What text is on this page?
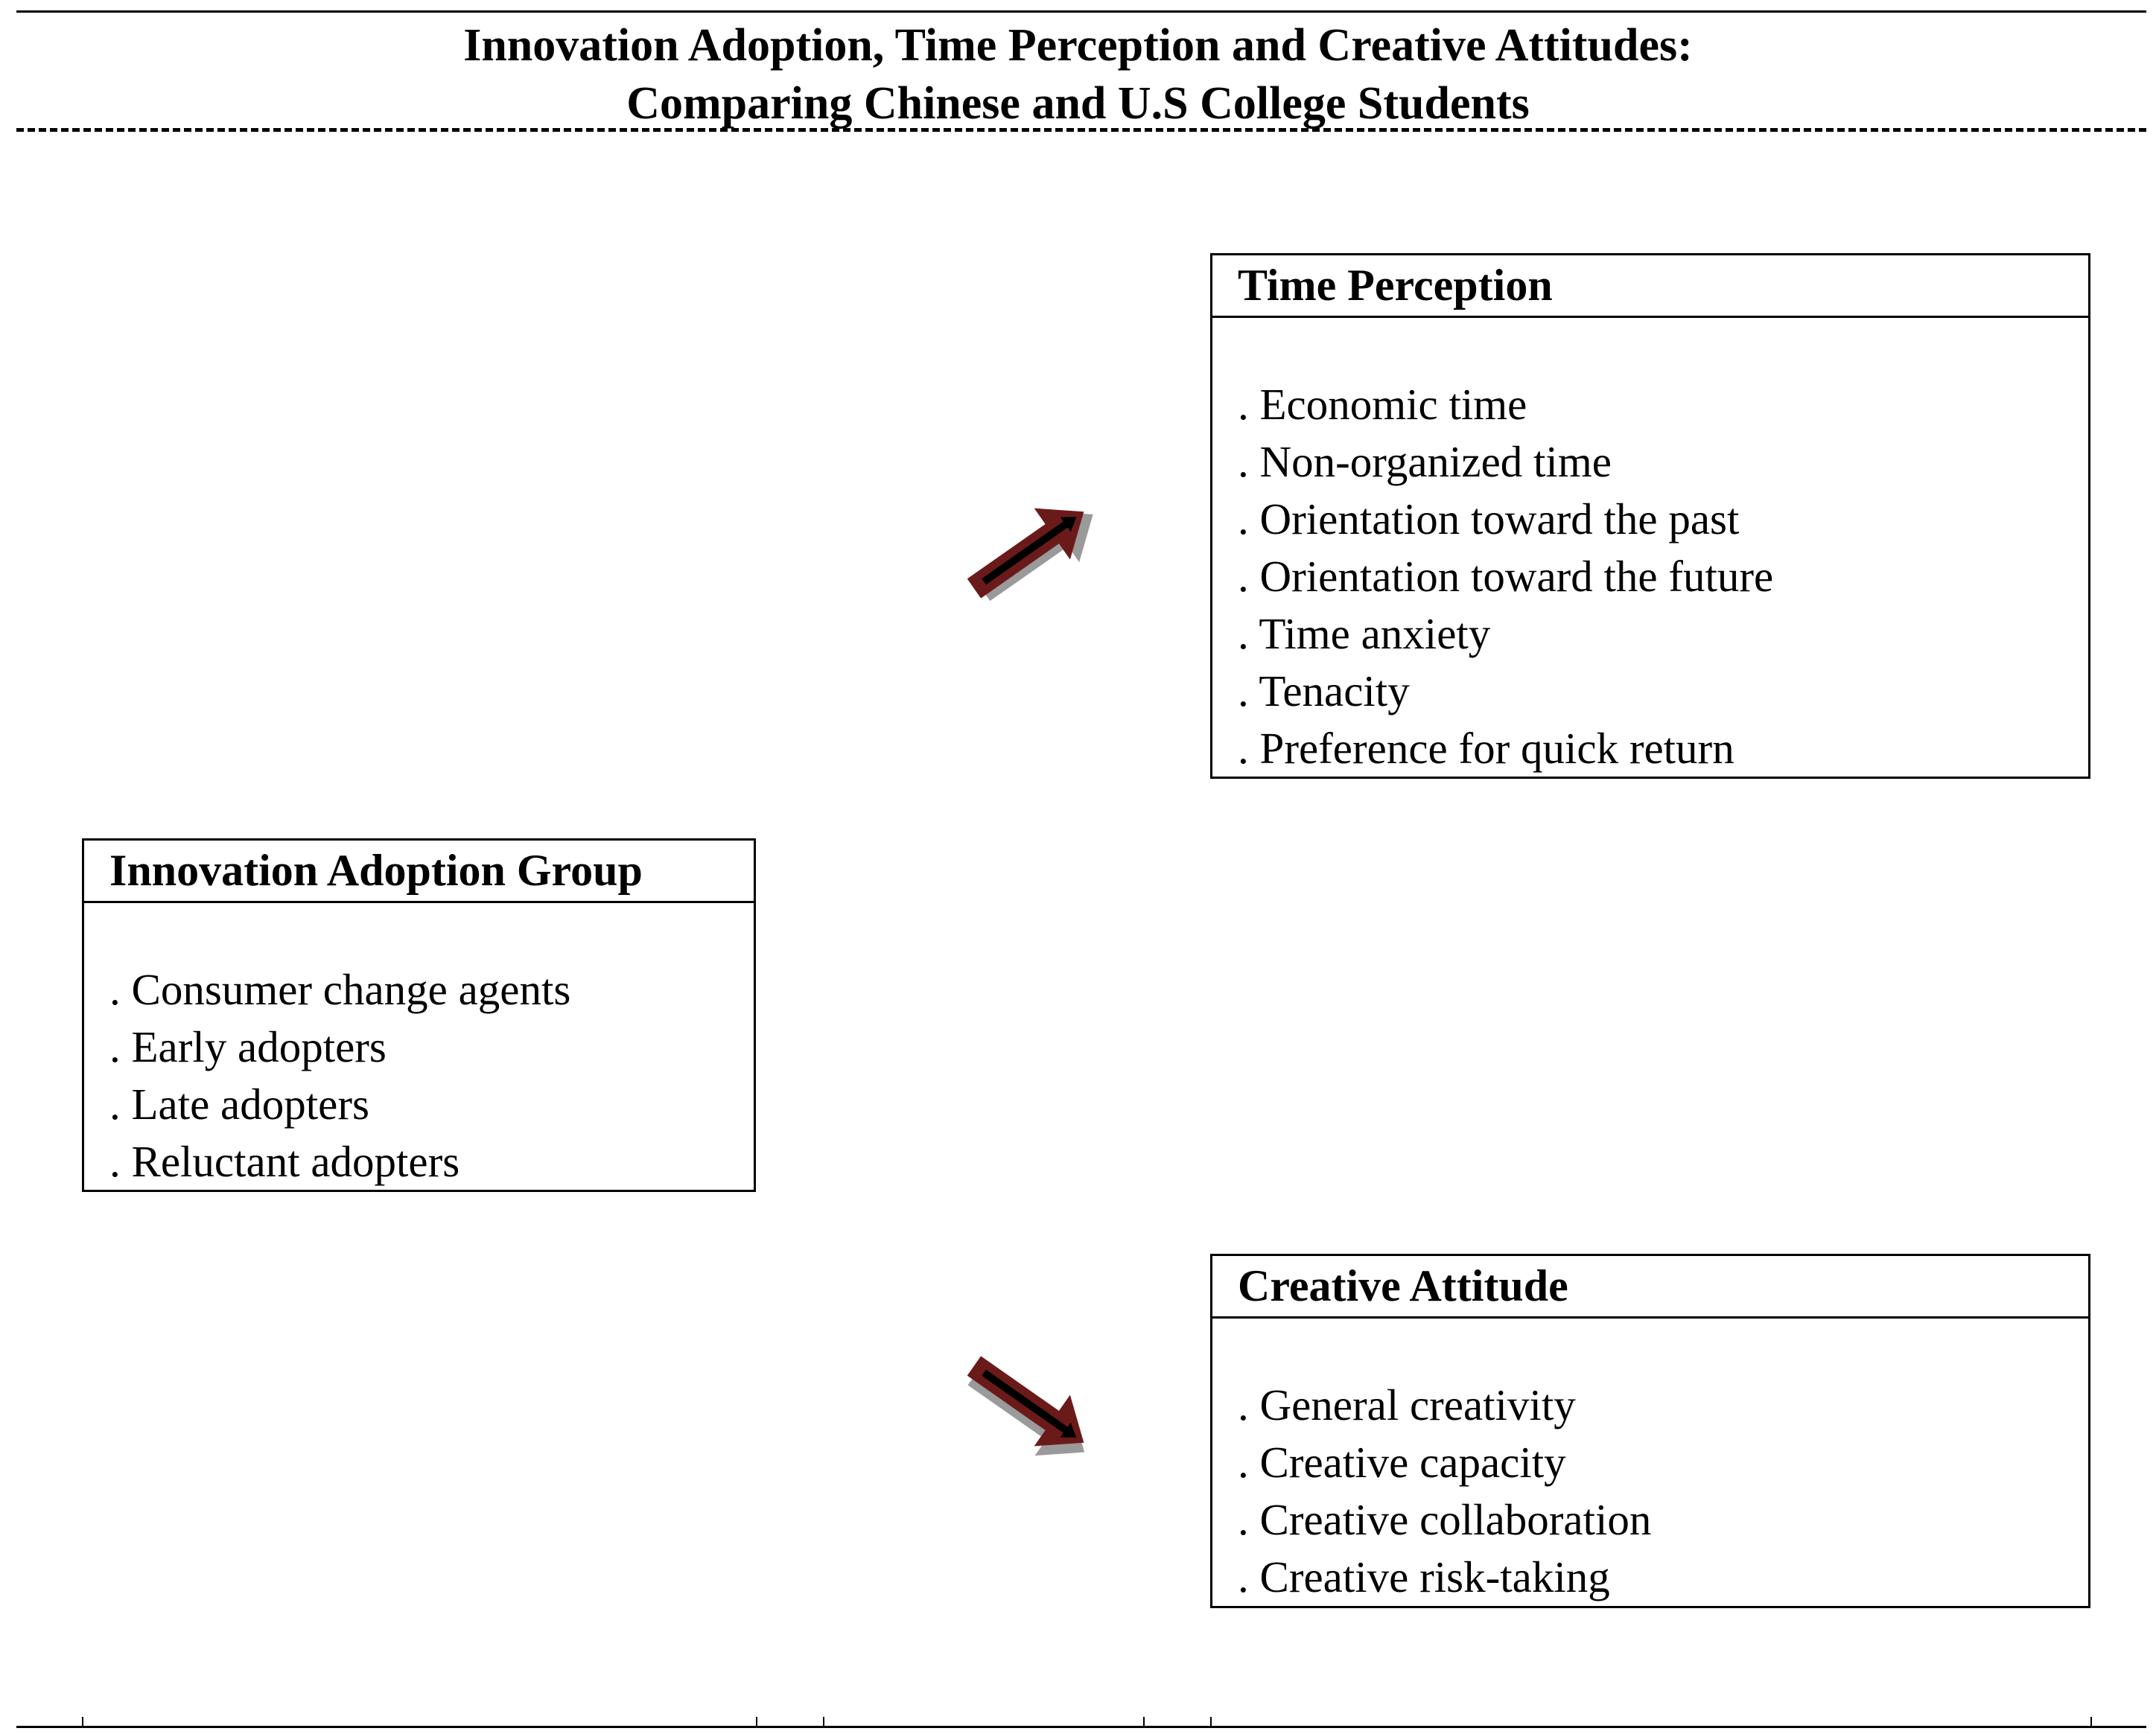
Innovation Adoption, Time Perception and Creative Attitudes:
Comparing Chinese and U.S College Students
Time Perception
. Economic time
. Non-organized time
. Orientation toward the past
. Orientation toward the future
. Time anxiety
. Tenacity
. Preference for quick return
Innovation Adoption Group
. Consumer change agents
. Early adopters
. Late adopters
. Reluctant adopters
Creative Attitude
. General creativity
. Creative capacity
. Creative collaboration
. Creative risk-taking
